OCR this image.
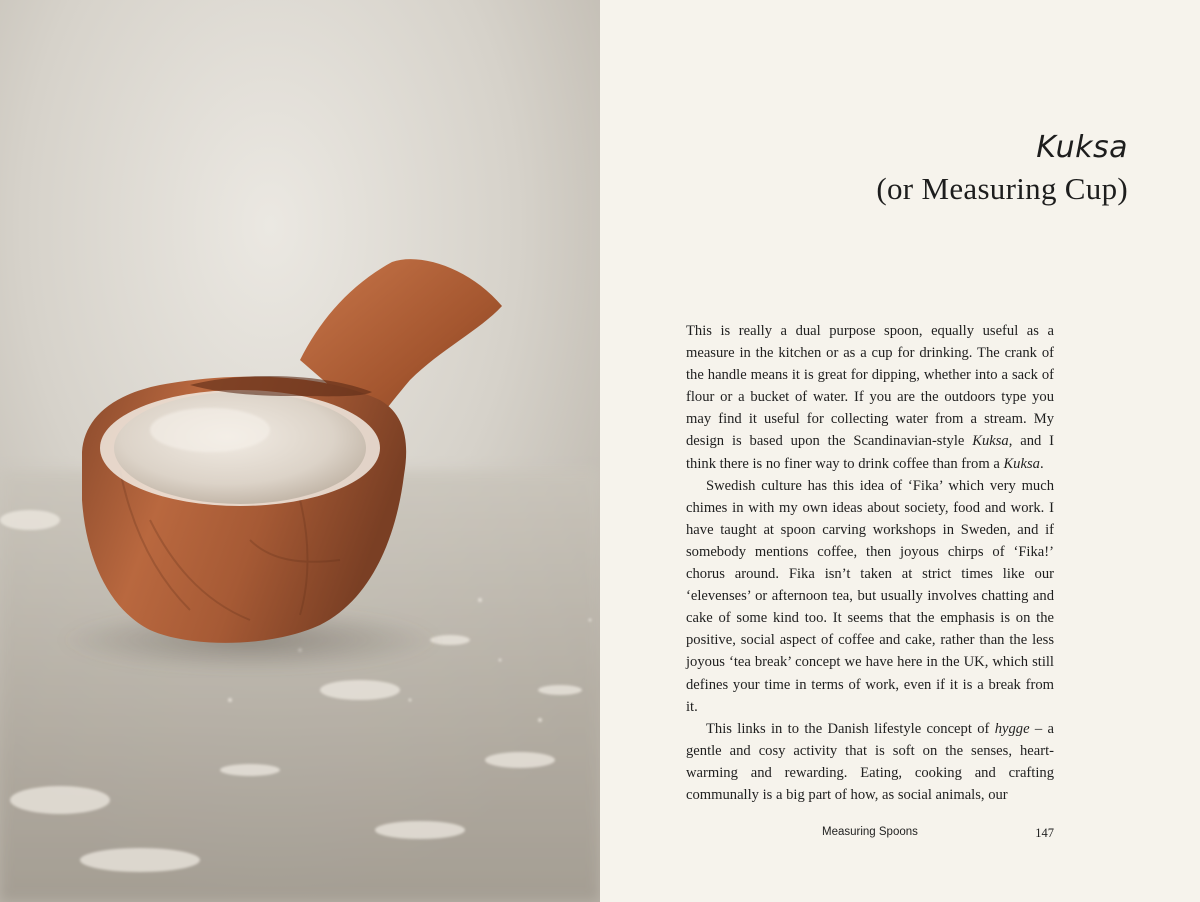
Kuksa
(or Measuring Cup)

This is really a dual purpose spoon, equally useful as a measure in the kitchen or as a cup for drinking. The crank of the handle means it is great for dipping, whether into a sack of flour or a bucket of water. If you are the outdoors type you may find it useful for collecting water from a stream. My design is based upon the Scandinavian-style Kuksa, and I think there is no finer way to drink coffee than from a Kuksa.

Swedish culture has this idea of ‘Fika’ which very much chimes in with my own ideas about society, food and work. I have taught at spoon carving workshops in Sweden, and if somebody mentions coffee, then joyous chirps of ‘Fika!’ chorus around. Fika isn’t taken at strict times like our ‘elevenses’ or afternoon tea, but usually involves chatting and cake of some kind too. It seems that the emphasis is on the positive, social aspect of coffee and cake, rather than the less joyous ‘tea break’ concept we have here in the UK, which still defines your time in terms of work, even if it is a break from it.

This links in to the Danish lifestyle concept of hygge – a gentle and cosy activity that is soft on the senses, heart-warming and rewarding. Eating, cooking and crafting communally is a big part of how, as social animals, our

Measuring Spoons	147
